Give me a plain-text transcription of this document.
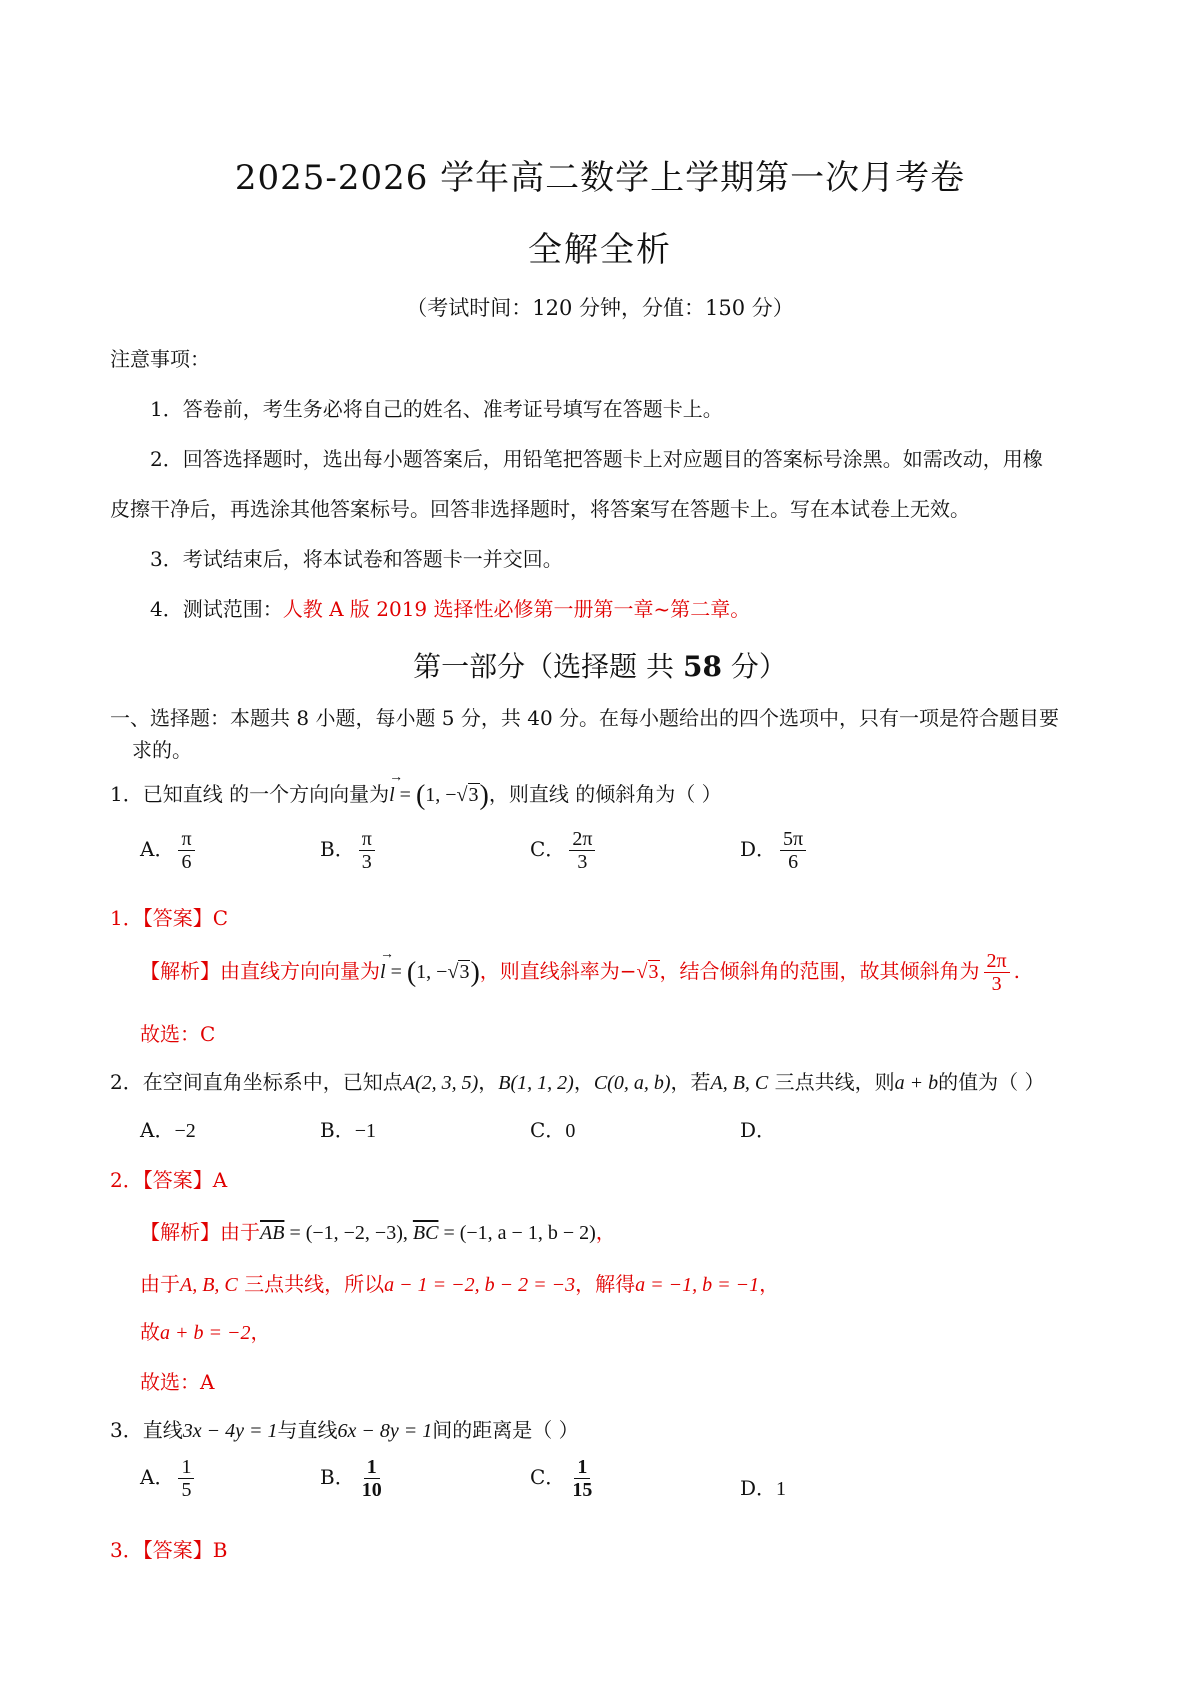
2025-2026 学年高二数学上学期第一次月考卷
全解全析
（考试时间：120 分钟，分值：150 分）
注意事项：
1．答卷前，考生务必将自己的姓名、准考证号填写在答题卡上。
2．回答选择题时，选出每小题答案后，用铅笔把答题卡上对应题目的答案标号涂黑。如需改动，用橡
皮擦干净后，再选涂其他答案标号。回答非选择题时，将答案写在答题卡上。写在本试卷上无效。
3．考试结束后，将本试卷和答题卡一并交回。
4．测试范围：人教 A 版 2019 选择性必修第一册第一章~第二章。
第一部分（选择题 共 58 分）
一、选择题：本题共 8 小题，每小题 5 分，共 40 分。在每小题给出的四个选项中，只有一项是符合题目要
求的。
1．已知直线 的一个方向向量为
→
l = (1, −√3)，则直线 的倾斜角为（ ）
A． $\frac{\pi}{6}$	B． $\frac{\pi}{3}$	C． $\frac{2\pi}{3}$	D． $\frac{5\pi}{6}$
1．【答案】C
【解析】由直线方向向量为
→
l = (1, −√3)，则直线斜率为−√3，结合倾斜角的范围，故其倾斜角为 $\frac{2\pi}{3}$ .
故选：C
2．在空间直角坐标系中，已知点A(2, 3, 5)，B(1, 1, 2)，C(0, a, b)，若A, B, C 三点共线，则a + b的值为（ ）
A．−2	B．−1	C．0	D．
2．【答案】A
【解析】由于$\overline{AB} = (-1$, −2, −3), $\overline{BC} = (-1$, a − 1, b − 2)，
由于A, B, C 三点共线，所以a − 1 = −2, b − 2 = −3，解得a = −1, b = −1，
故a + b = −2，
故选：A
3．直线3x − 4y = 1与直线6x − 8y = 1间的距离是（ ）
A． $\frac{1}{5}$	B． $\frac{1}{10}$	C． $\frac{1}{15}$	D．1
3．【答案】B
